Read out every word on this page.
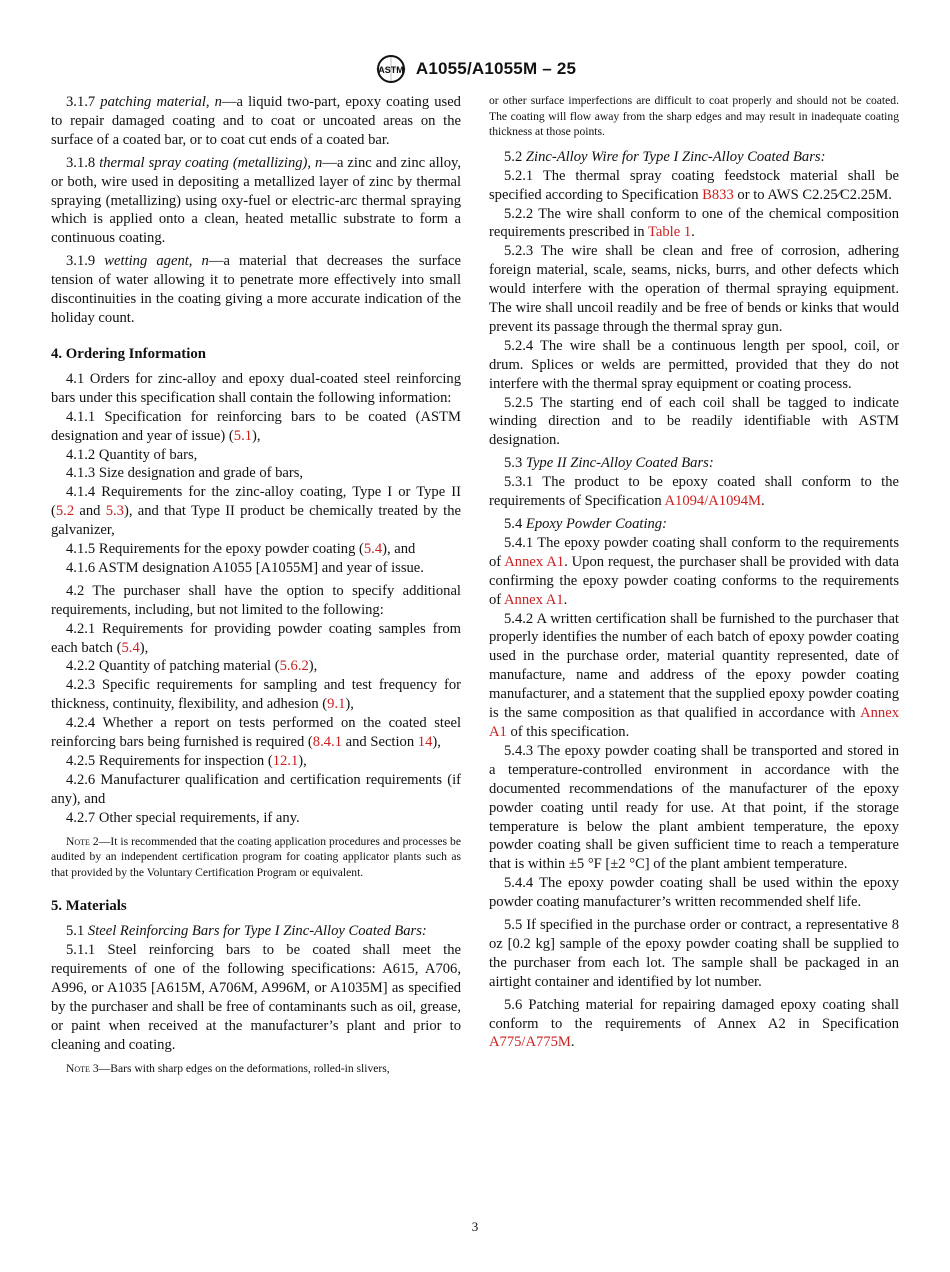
ASTM A1055/A1055M – 25

3.1.7 patching material, n—a liquid two-part, epoxy coating used to repair damaged coating and to coat or uncoated areas on the surface of a coated bar, or to coat cut ends of a coated bar.

3.1.8 thermal spray coating (metallizing), n—a zinc and zinc alloy, or both, wire used in depositing a metallized layer of zinc by thermal spraying (metallizing) using oxy-fuel or electric-arc thermal spraying which is applied onto a clean, heated metallic substrate to form a continuous coating.

3.1.9 wetting agent, n—a material that decreases the surface tension of water allowing it to penetrate more effectively into small discontinuities in the coating giving a more accurate indication of the holiday count.

4. Ordering Information

4.1 Orders for zinc-alloy and epoxy dual-coated steel reinforcing bars under this specification shall contain the following information:

4.1.1 Specification for reinforcing bars to be coated (ASTM designation and year of issue) (5.1),

4.1.2 Quantity of bars,

4.1.3 Size designation and grade of bars,

4.1.4 Requirements for the zinc-alloy coating, Type I or Type II (5.2 and 5.3), and that Type II product be chemically treated by the galvanizer,

4.1.5 Requirements for the epoxy powder coating (5.4), and

4.1.6 ASTM designation A1055 [A1055M] and year of issue.

4.2 The purchaser shall have the option to specify additional requirements, including, but not limited to the following:

4.2.1 Requirements for providing powder coating samples from each batch (5.4),

4.2.2 Quantity of patching material (5.6.2),

4.2.3 Specific requirements for sampling and test frequency for thickness, continuity, flexibility, and adhesion (9.1),

4.2.4 Whether a report on tests performed on the coated steel reinforcing bars being furnished is required (8.4.1 and Section 14),

4.2.5 Requirements for inspection (12.1),

4.2.6 Manufacturer qualification and certification requirements (if any), and

4.2.7 Other special requirements, if any.

Note 2—It is recommended that the coating application procedures and processes be audited by an independent certification program for coating applicator plants such as that provided by the Voluntary Certification Program or equivalent.

5. Materials

5.1 Steel Reinforcing Bars for Type I Zinc-Alloy Coated Bars:

5.1.1 Steel reinforcing bars to be coated shall meet the requirements of one of the following specifications: A615, A706, A996, or A1035 [A615M, A706M, A996M, or A1035M] as specified by the purchaser and shall be free of contaminants such as oil, grease, or paint when received at the manufacturer’s plant and prior to cleaning and coating.

Note 3—Bars with sharp edges on the deformations, rolled-in slivers,

or other surface imperfections are difficult to coat properly and should not be coated. The coating will flow away from the sharp edges and may result in inadequate coating thickness at those points.

5.2 Zinc-Alloy Wire for Type I Zinc-Alloy Coated Bars:

5.2.1 The thermal spray coating feedstock material shall be specified according to Specification B833 or to AWS C2.25⁄C2.25M.

5.2.2 The wire shall conform to one of the chemical composition requirements prescribed in Table 1.

5.2.3 The wire shall be clean and free of corrosion, adhering foreign material, scale, seams, nicks, burrs, and other defects which would interfere with the operation of thermal spraying equipment. The wire shall uncoil readily and be free of bends or kinks that would prevent its passage through the thermal spray gun.

5.2.4 The wire shall be a continuous length per spool, coil, or drum. Splices or welds are permitted, provided that they do not interfere with the thermal spray equipment or coating process.

5.2.5 The starting end of each coil shall be tagged to indicate winding direction and to be readily identifiable with ASTM designation.

5.3 Type II Zinc-Alloy Coated Bars:

5.3.1 The product to be epoxy coated shall conform to the requirements of Specification A1094/A1094M.

5.4 Epoxy Powder Coating:

5.4.1 The epoxy powder coating shall conform to the requirements of Annex A1. Upon request, the purchaser shall be provided with data confirming the epoxy powder coating conforms to the requirements of Annex A1.

5.4.2 A written certification shall be furnished to the purchaser that properly identifies the number of each batch of epoxy powder coating used in the purchase order, material quantity represented, date of manufacture, name and address of the epoxy powder coating manufacturer, and a statement that the supplied epoxy powder coating is the same composition as that qualified in accordance with Annex A1 of this specification.

5.4.3 The epoxy powder coating shall be transported and stored in a temperature-controlled environment in accordance with the documented recommendations of the manufacturer of the epoxy powder coating until ready for use. At that point, if the storage temperature is below the plant ambient temperature, the epoxy powder coating shall be given sufficient time to reach a temperature that is within ±5 °F [±2 °C] of the plant ambient temperature.

5.4.4 The epoxy powder coating shall be used within the epoxy powder coating manufacturer’s written recommended shelf life.

5.5 If specified in the purchase order or contract, a representative 8 oz [0.2 kg] sample of the epoxy powder coating shall be supplied to the purchaser from each lot. The sample shall be packaged in an airtight container and identified by lot number.

5.6 Patching material for repairing damaged epoxy coating shall conform to the requirements of Annex A2 in Specification A775/A775M.

3
